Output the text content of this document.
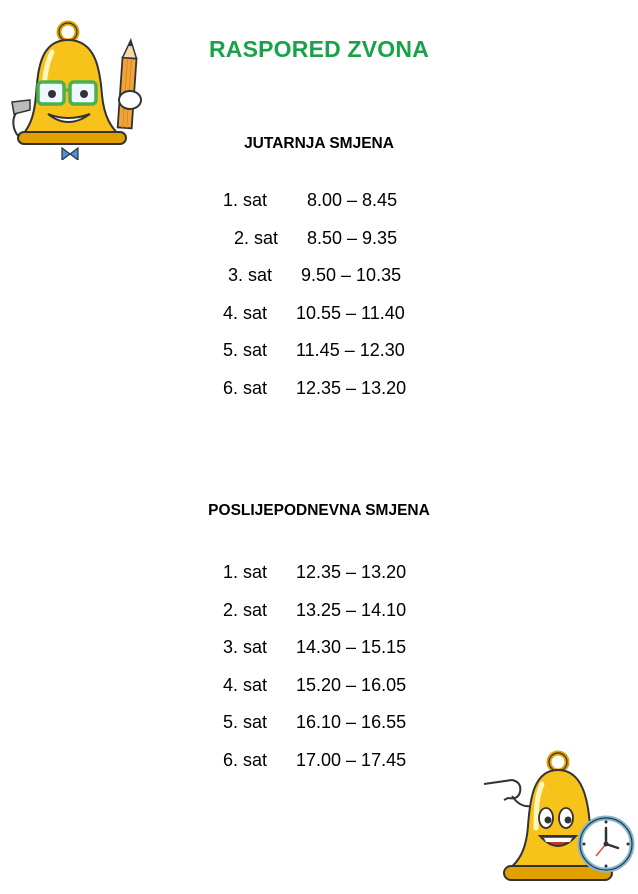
RASPORED ZVONA
JUTARNJA SMJENA
1. sat 8.00 – 8.45
2. sat 8.50 – 9.35
3. sat 9.50 – 10.35
4. sat 10.55 – 11.40
5. sat 11.45 – 12.30
6. sat 12.35 – 13.20
POSLIJEPODNEVNA SMJENA
1. sat 12.35 – 13.20
2. sat 13.25 – 14.10
3. sat 14.30 – 15.15
4. sat 15.20 – 16.05
5. sat 16.10 – 16.55
6. sat 17.00 – 17.45
